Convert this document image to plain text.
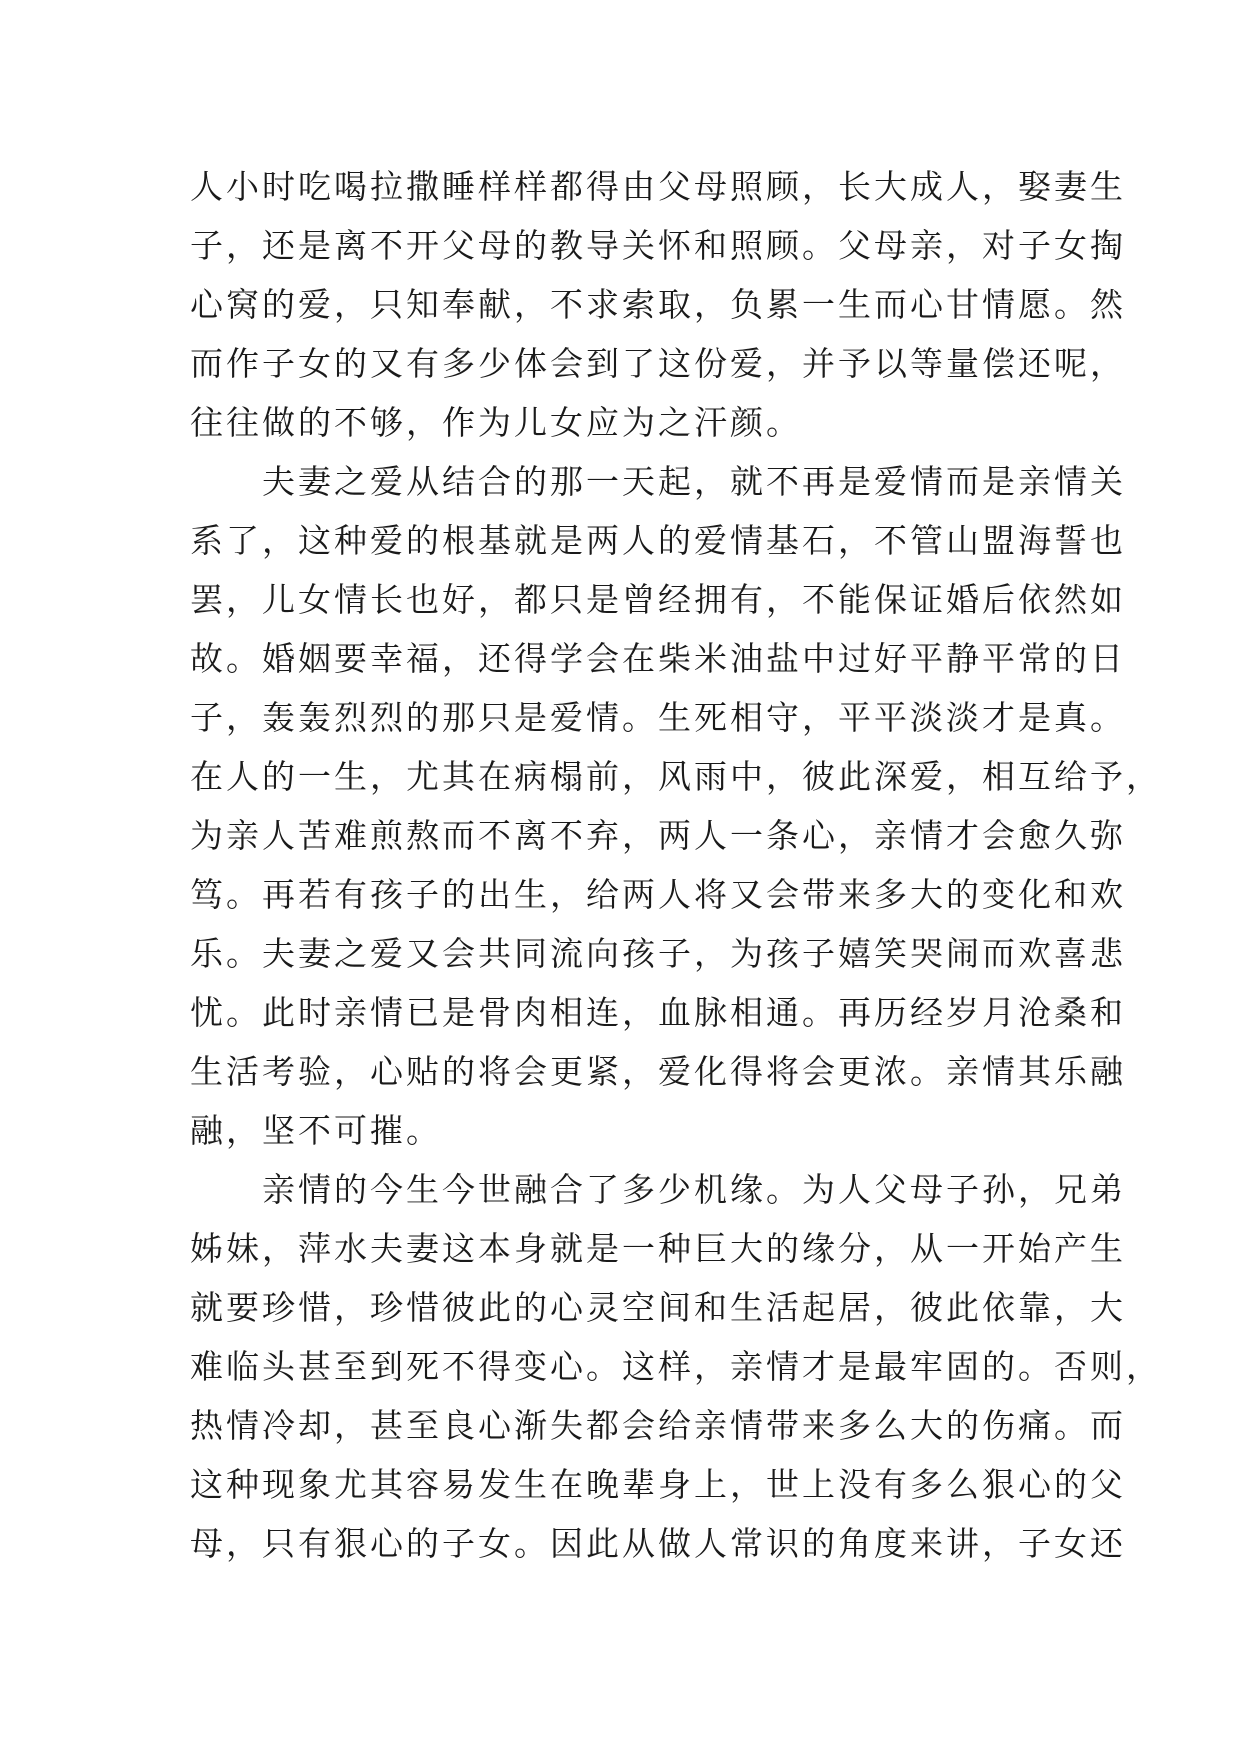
人小时吃喝拉撒睡样样都得由父母照顾，长大成人，娶妻生
子，还是离不开父母的教导关怀和照顾。父母亲，对子女掏
心窝的爱，只知奉献，不求索取，负累一生而心甘情愿。然
而作子女的又有多少体会到了这份爱，并予以等量偿还呢，
往往做的不够，作为儿女应为之汗颜。
　　夫妻之爱从结合的那一天起，就不再是爱情而是亲情关
系了，这种爱的根基就是两人的爱情基石，不管山盟海誓也
罢，儿女情长也好，都只是曾经拥有，不能保证婚后依然如
故。婚姻要幸福，还得学会在柴米油盐中过好平静平常的日
子，轰轰烈烈的那只是爱情。生死相守，平平淡淡才是真。
在人的一生，尤其在病榻前，风雨中，彼此深爱，相互给予，
为亲人苦难煎熬而不离不弃，两人一条心，亲情才会愈久弥
笃。再若有孩子的出生，给两人将又会带来多大的变化和欢
乐。夫妻之爱又会共同流向孩子，为孩子嬉笑哭闹而欢喜悲
忧。此时亲情已是骨肉相连，血脉相通。再历经岁月沧桑和
生活考验，心贴的将会更紧，爱化得将会更浓。亲情其乐融
融，坚不可摧。
　　亲情的今生今世融合了多少机缘。为人父母子孙，兄弟
姊妹，萍水夫妻这本身就是一种巨大的缘分，从一开始产生
就要珍惜，珍惜彼此的心灵空间和生活起居，彼此依靠，大
难临头甚至到死不得变心。这样，亲情才是最牢固的。否则，
热情冷却，甚至良心渐失都会给亲情带来多么大的伤痛。而
这种现象尤其容易发生在晚辈身上，世上没有多么狠心的父
母，只有狠心的子女。因此从做人常识的角度来讲，子女还
